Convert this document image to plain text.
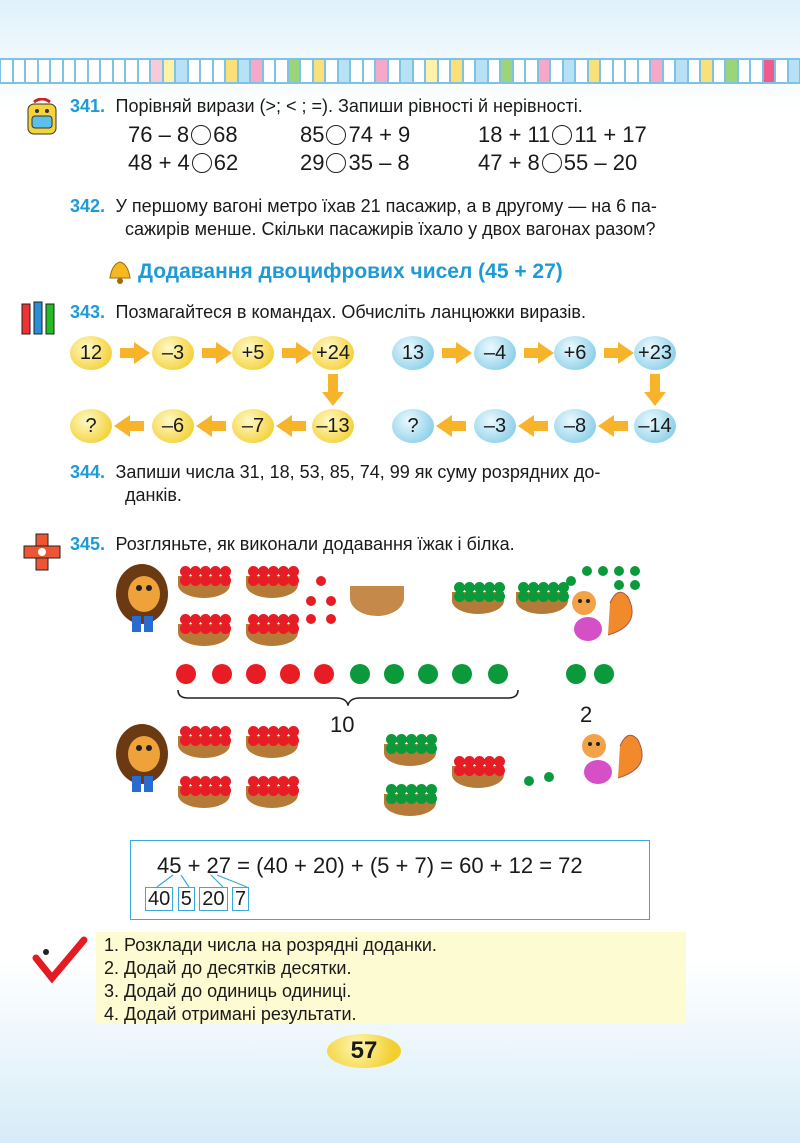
341. Порівняй вирази (>; < ; =). Запиши рівності й нерівності.
76 – 8 68	85 74 + 9	18 + 11 11 + 17
48 + 4 62	29 35 – 8	47 + 8 55 – 20
342. У першому вагоні метро їхав 21 пасажир, а в другому — на 6 па-
сажирів менше. Скільки пасажирів їхало у двох вагонах разом?
Додавання двоцифрових чисел (45 + 27)
343. Позмагайтеся в командах. Обчисліть ланцюжки виразів.
12
?
–3
–6
+5
–7
+24
–13
13
?
–4
–3
+6
–8
+23
–14
344. Запиши числа 31, 18, 53, 85, 74, 99 як суму розрядних до-
данків.
345. Розгляньте, як виконали додавання їжак і білка.
10	2
45 + 27 = (40 + 20) + (5 + 7) = 60 + 12 = 72
40 5 20 7
1. Розклади числа на розрядні доданки.
2. Додай до десятків десятки.
3. Додай до одиниць одиниці.
4. Додай отримані результати.
57
